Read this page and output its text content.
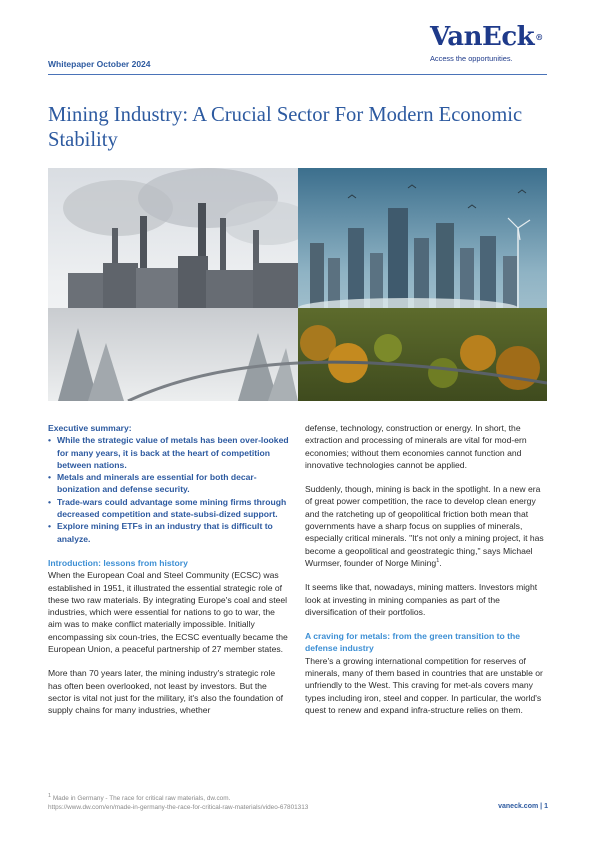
VanEck®
Access the opportunities.
Whitepaper October 2024
Mining Industry: A Crucial Sector For Modern Economic Stability
Executive summary:
• While the strategic value of metals has been over-looked for many years, it is back at the heart of competition between nations.
• Metals and minerals are essential for both decar-bonization and defense security.
• Trade-wars could advantage some mining firms through decreased competition and state-subsi-dized support.
• Explore mining ETFs in an industry that is difficult to analyze.
Introduction: lessons from history

When the European Coal and Steel Community (ECSC) was established in 1951, it illustrated the essential strategic role of these two raw materials. By integrating Europe's coal and steel industries, which were essential for nations to go to war, the aim was to make conflict materially impossible. Initially encompassing six coun-tries, the ECSC eventually became the European Union, a peaceful partnership of 27 member states.

More than 70 years later, the mining industry's strategic role has often been overlooked, not least by investors. But the sector is vital not just for the military, it's also the foundation of supply chains for many industries, whether

defense, technology, construction or energy. In short, the extraction and processing of minerals are vital for mod-ern economies; without them economies cannot function and innovative technologies cannot be applied.

Suddenly, though, mining is back in the spotlight. In a new era of great power competition, the race to develop clean energy and the ratcheting up of geopolitical friction both mean that governments have a sharp focus on supplies of minerals, especially critical minerals. "It's not only a mining project, it has become a geopolitical and geostrategic thing," says Michael Wurmser, founder of Norge Mining$^1$.

It seems like that, nowadays, mining matters. Investors might look at investing in mining companies as part of the diversification of their portfolios.

A craving for metals: from the green transition to the defense industry

There's a growing international competition for reserves of minerals, many of them based in countries that are unstable or unfriendly to the West. This craving for met-als covers many types including iron, steel and copper. In particular, the world's quest to renew and expand infra-structure relies on them.

1 Made in Germany - The race for critical raw materials, dw.com.
https://www.dw.com/en/made-in-germany-the-race-for-critical-raw-materials/video-67801313	vaneck.com | 1
